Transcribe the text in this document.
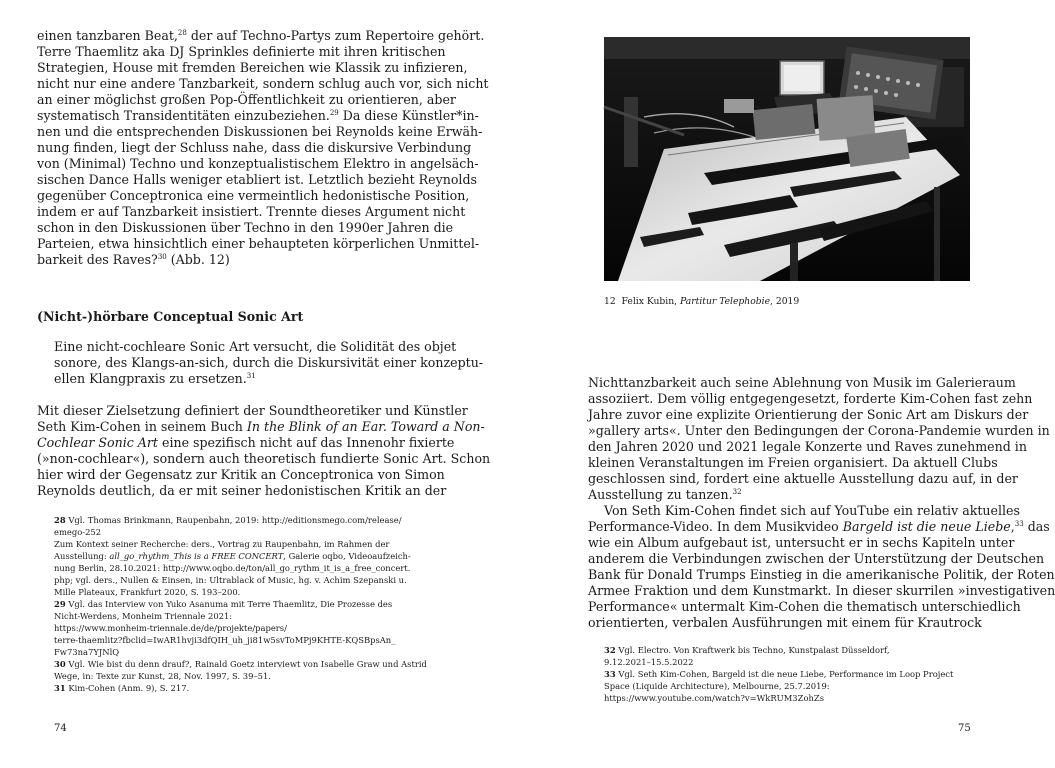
einen tanzbaren Beat,$^{28}$ der auf Techno-Partys zum Repertoire gehört.
Terre Thaemlitz aka DJ Sprinkles definierte mit ihren kritischen
Strategien, House mit fremden Bereichen wie Klassik zu infizieren,
nicht nur eine andere Tanzbarkeit, sondern schlug auch vor, sich nicht
an einer möglichst großen Pop-Öffentlichkeit zu orientieren, aber
systematisch Transidentitäten einzubeziehen.$^{29}$ Da diese Künstler*in-
nen und die entsprechenden Diskussionen bei Reynolds keine Erwäh-
nung finden, liegt der Schluss nahe, dass die diskursive Verbindung
von (Minimal) Techno und konzeptualistischem Elektro in angelsäch-
sischen Dance Halls weniger etabliert ist. Letztlich bezieht Reynolds
gegenüber Conceptronica eine vermeintlich hedonistische Position,
indem er auf Tanzbarkeit insistiert. Trennte dieses Argument nicht
schon in den Diskussionen über Techno in den 1990er Jahren die
Parteien, etwa hinsichtlich einer behaupteten körperlichen Unmittel-
barkeit des Raves?$^{30}$ (Abb. 12)
(Nicht-)hörbare Conceptual Sonic Art
Eine nicht-cochleare Sonic Art versucht, die Solidität des objet
sonore, des Klangs-an-sich, durch die Diskursivität einer konzeptu-
ellen Klangpraxis zu ersetzen.$^{31}$
Mit dieser Zielsetzung definiert der Soundtheoretiker und Künstler
Seth Kim-Cohen in seinem Buch In the Blink of an Ear. Toward a Non-
Cochlear Sonic Art eine spezifisch nicht auf das Innenohr fixierte
(»non-cochlear«), sondern auch theoretisch fundierte Sonic Art. Schon
hier wird der Gegensatz zur Kritik an Conceptronica von Simon
Reynolds deutlich, da er mit seiner hedonistischen Kritik an der
28 Vgl. Thomas Brinkmann, Raupenbahn, 2019: http://editionsmego.com/release/
emego-252
Zum Kontext seiner Recherche: ders., Vortrag zu Raupenbahn, im Rahmen der
Ausstellung: all_go_rhythm_This is a FREE CONCERT, Galerie oqbo, Videoaufzeich-
nung Berlin, 28.10.2021: http://www.oqbo.de/ton/all_go_rythm_it_is_a_free_concert.
php; vgl. ders., Nullen & Einsen, in: Ultrablack of Music, hg. v. Achim Szepanski u.
Mille Plateaux, Frankfurt 2020, S. 193–200.
29 Vgl. das Interview von Yuko Asanuma mit Terre Thaemlitz, Die Prozesse des
Nicht-Werdens, Monheim Triennale 2021:
https://www.monheim-triennale.de/de/projekte/papers/
terre-thaemlitz?fbclid=IwAR1hvji3dfQIH_uh_ji81w5svToMPj9KHTE-KQSBpsAn_
Fw73na7YJNlQ
30 Vgl. Wie bist du denn drauf?, Rainald Goetz interviewt von Isabelle Graw und Astrid
Wege, in: Texte zur Kunst, 28, Nov. 1997, S. 39–51.
31 Kim-Cohen (Anm. 9), S. 217.
74
12 Felix Kubin, Partitur Telephobie, 2019
Nichttanzbarkeit auch seine Ablehnung von Musik im Galerieraum
assoziiert. Dem völlig entgegengesetzt, forderte Kim-Cohen fast zehn
Jahre zuvor eine explizite Orientierung der Sonic Art am Diskurs der
»gallery arts«. Unter den Bedingungen der Corona-Pandemie wurden in
den Jahren 2020 und 2021 legale Konzerte und Raves zunehmend in
kleinen Veranstaltungen im Freien organisiert. Da aktuell Clubs
geschlossen sind, fordert eine aktuelle Ausstellung dazu auf, in der
Ausstellung zu tanzen.$^{32}$
Von Seth Kim-Cohen findet sich auf YouTube ein relativ aktuelles
Performance-Video. In dem Musikvideo Bargeld ist die neue Liebe,$^{33}$ das
wie ein Album aufgebaut ist, untersucht er in sechs Kapiteln unter
anderem die Verbindungen zwischen der Unterstützung der Deutschen
Bank für Donald Trumps Einstieg in die amerikanische Politik, der Roten
Armee Fraktion und dem Kunstmarkt. In dieser skurrilen »investigativen
Performance« untermalt Kim-Cohen die thematisch unterschiedlich
orientierten, verbalen Ausführungen mit einem für Krautrock
32 Vgl. Electro. Von Kraftwerk bis Techno, Kunstpalast Düsseldorf,
9.12.2021–15.5.2022
33 Vgl. Seth Kim-Cohen, Bargeld ist die neue Liebe, Performance im Loop Project
Space (Liquide Architecture), Melbourne, 25.7.2019:
https://www.youtube.com/watch?v=WkRUM3ZohZs
75
